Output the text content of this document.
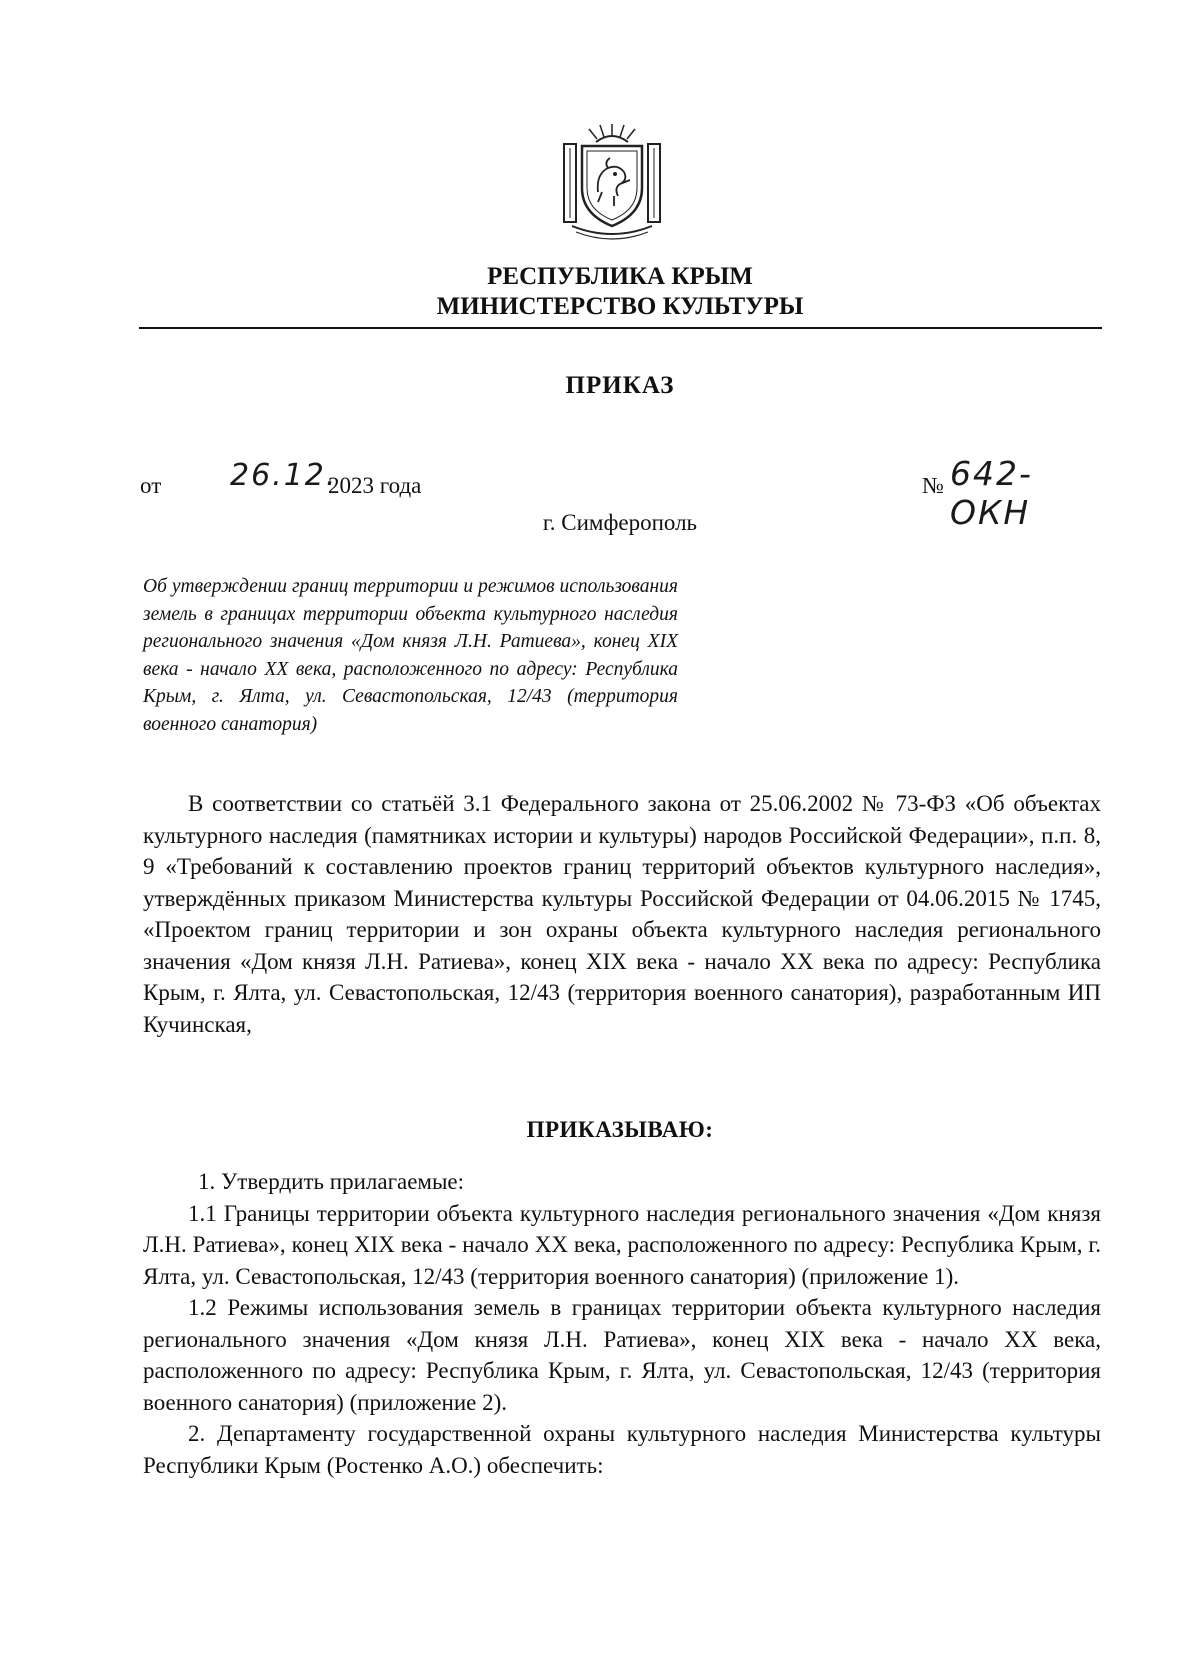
РЕСПУБЛИКА КРЫМ
МИНИСТЕРСТВО КУЛЬТУРЫ
ПРИКАЗ
от 26.12.
2023 года	№ 642-ОКН
г. Симферополь
Об утверждении границ территории и режимов использования земель в границах территории объекта культурного наследия регионального значения «Дом князя Л.Н. Ратиева», конец XIX века - начало XX века, расположенного по адресу: Республика Крым, г. Ялта, ул. Севастопольская, 12/43 (территория военного санатория)
В соответствии со статьёй 3.1 Федерального закона от 25.06.2002 № 73-ФЗ «Об объектах культурного наследия (памятниках истории и культуры) народов Российской Федерации», п.п. 8, 9 «Требований к составлению проектов границ территорий объектов культурного наследия», утверждённых приказом Министерства культуры Российской Федерации от 04.06.2015 № 1745, «Проектом границ территории и зон охраны объекта культурного наследия регионального значения «Дом князя Л.Н. Ратиева», конец XIX века - начало XX века по адресу: Республика Крым, г. Ялта, ул. Севастопольская, 12/43 (территория военного санатория), разработанным ИП Кучинская,
ПРИКАЗЫВАЮ:

1. Утвердить прилагаемые:

1.1 Границы территории объекта культурного наследия регионального значения «Дом князя Л.Н. Ратиева», конец XIX века - начало XX века, расположенного по адресу: Республика Крым, г. Ялта, ул. Севастопольская, 12/43 (территория военного санатория) (приложение 1).

1.2 Режимы использования земель в границах территории объекта культурного наследия регионального значения «Дом князя Л.Н. Ратиева», конец XIX века - начало XX века, расположенного по адресу: Республика Крым, г. Ялта, ул. Севастопольская, 12/43 (территория военного санатория) (приложение 2).

2. Департаменту государственной охраны культурного наследия Министерства культуры Республики Крым (Ростенко А.О.) обеспечить:
